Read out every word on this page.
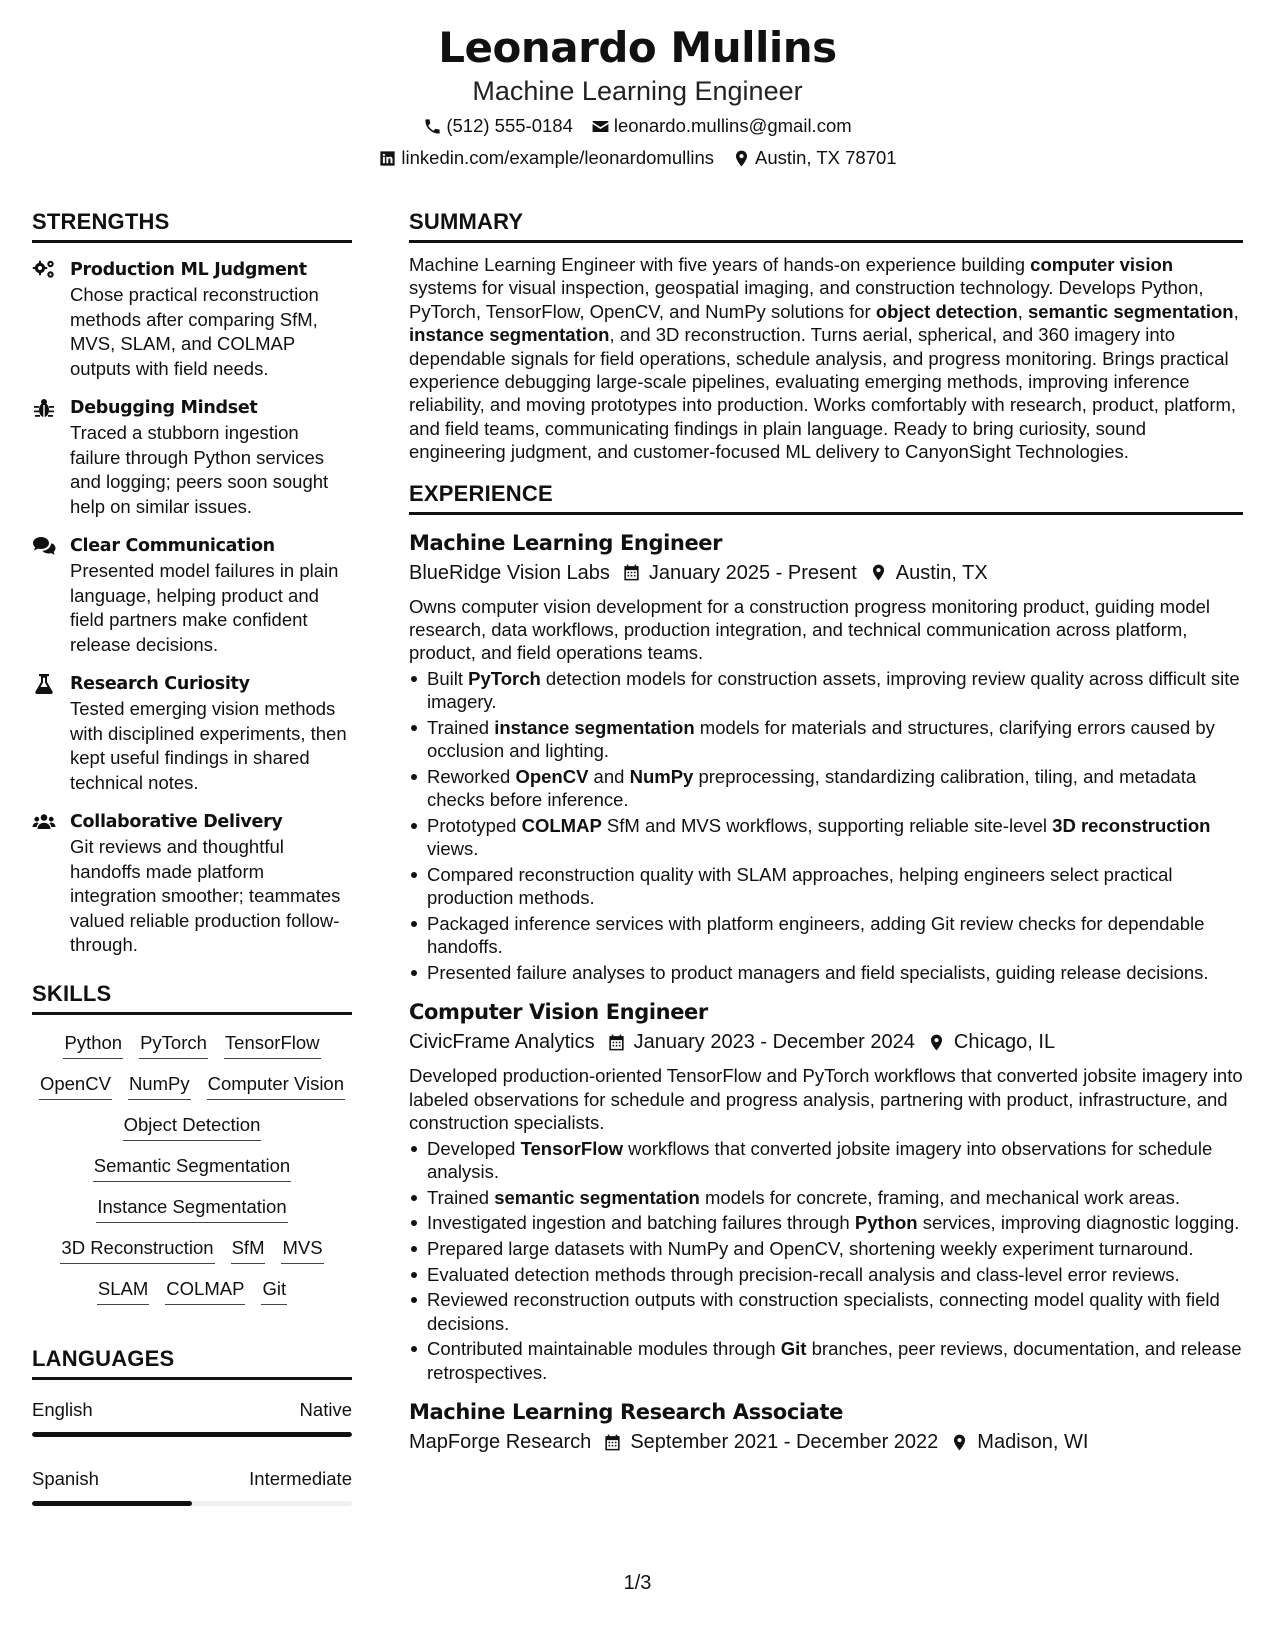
Leonardo Mullins
Machine Learning Engineer
(512) 555-0184 leonardo.mullins@gmail.com
linkedin.com/example/leonardomullins Austin, TX 78701
STRENGTHS
Production ML Judgment
Chose practical reconstruction methods after comparing SfM, MVS, SLAM, and COLMAP outputs with field needs.
Debugging Mindset
Traced a stubborn ingestion failure through Python services and logging; peers soon sought help on similar issues.
Clear Communication
Presented model failures in plain language, helping product and field partners make confident release decisions.
Research Curiosity
Tested emerging vision methods with disciplined experiments, then kept useful findings in shared technical notes.
Collaborative Delivery
Git reviews and thoughtful handoffs made platform integration smoother; teammates valued reliable production follow-through.
SKILLS
Python PyTorch TensorFlow
OpenCV NumPy Computer Vision
Object Detection
Semantic Segmentation
Instance Segmentation
3D Reconstruction SfM MVS
SLAM COLMAP Git
LANGUAGES
English	Native
Spanish	Intermediate
SUMMARY

Machine Learning Engineer with five years of hands-on experience building computer vision systems for visual inspection, geospatial imaging, and construction technology. Develops Python, PyTorch, TensorFlow, OpenCV, and NumPy solutions for object detection, semantic segmentation, instance segmentation, and 3D reconstruction. Turns aerial, spherical, and 360 imagery into dependable signals for field operations, schedule analysis, and progress monitoring. Brings practical experience debugging large-scale pipelines, evaluating emerging methods, improving inference reliability, and moving prototypes into production. Works comfortably with research, product, platform, and field teams, communicating findings in plain language. Ready to bring curiosity, sound engineering judgment, and customer-focused ML delivery to CanyonSight Technologies.

EXPERIENCE
Machine Learning Engineer
BlueRidge Vision Labs January 2025 - Present Austin, TX

Owns computer vision development for a construction progress monitoring product, guiding model research, data workflows, production integration, and technical communication across platform, product, and field operations teams.

Built PyTorch detection models for construction assets, improving review quality across difficult site imagery.
Trained instance segmentation models for materials and structures, clarifying errors caused by occlusion and lighting.
Reworked OpenCV and NumPy preprocessing, standardizing calibration, tiling, and metadata checks before inference.
Prototyped COLMAP SfM and MVS workflows, supporting reliable site-level 3D reconstruction views.
Compared reconstruction quality with SLAM approaches, helping engineers select practical production methods.
Packaged inference services with platform engineers, adding Git review checks for dependable handoffs.
Presented failure analyses to product managers and field specialists, guiding release decisions.
Computer Vision Engineer
CivicFrame Analytics January 2023 - December 2024 Chicago, IL

Developed production-oriented TensorFlow and PyTorch workflows that converted jobsite imagery into labeled observations for schedule and progress analysis, partnering with product, infrastructure, and construction specialists.

Developed TensorFlow workflows that converted jobsite imagery into observations for schedule analysis.
Trained semantic segmentation models for concrete, framing, and mechanical work areas.
Investigated ingestion and batching failures through Python services, improving diagnostic logging.
Prepared large datasets with NumPy and OpenCV, shortening weekly experiment turnaround.
Evaluated detection methods through precision-recall analysis and class-level error reviews.
Reviewed reconstruction outputs with construction specialists, connecting model quality with field decisions.
Contributed maintainable modules through Git branches, peer reviews, documentation, and release retrospectives.
Machine Learning Research Associate
MapForge Research September 2021 - December 2022 Madison, WI
1/3
